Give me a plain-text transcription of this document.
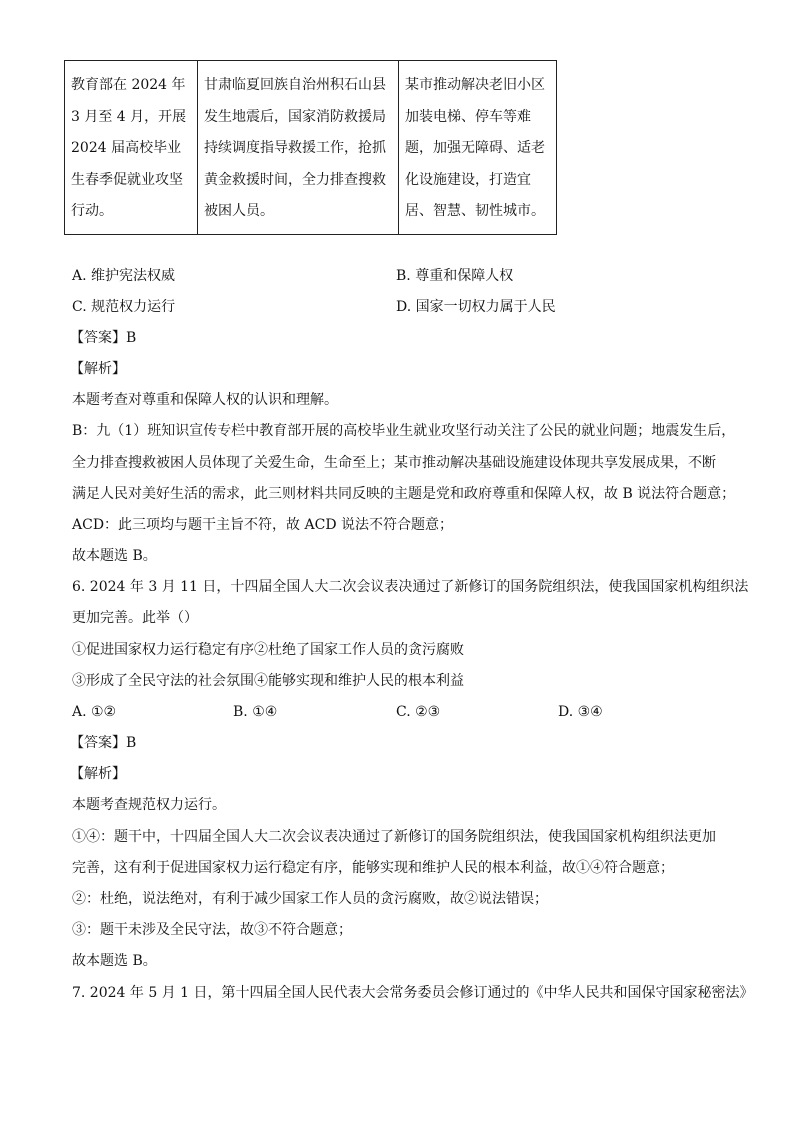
教育部在 2024 年 3 月至 4 月，开展 2024 届高校毕业生春季促就业攻坚行动。	甘肃临夏回族自治州积石山县发生地震后，国家消防救援局持续调度指导救援工作，抢抓黄金救援时间，全力排查搜救被困人员。	某市推动解决老旧小区加装电梯、停车等难题，加强无障碍、适老化设施建设，打造宜居、智慧、韧性城市。
A. 维护宪法权威	B. 尊重和保障人权
C. 规范权力运行	D. 国家一切权力属于人民
【答案】B
【解析】
本题考查对尊重和保障人权的认识和理解。
B：九（1）班知识宣传专栏中教育部开展的高校毕业生就业攻坚行动关注了公民的就业问题；地震发生后，
全力排查搜救被困人员体现了关爱生命，生命至上；某市推动解决基础设施建设体现共享发展成果，不断
满足人民对美好生活的需求，此三则材料共同反映的主题是党和政府尊重和保障人权，故 B 说法符合题意；
ACD：此三项均与题干主旨不符，故 ACD 说法不符合题意；
故本题选 B。
6. 2024 年 3 月 11 日，十四届全国人大二次会议表决通过了新修订的国务院组织法，使我国国家机构组织法
更加完善。此举（）
①促进国家权力运行稳定有序②杜绝了国家工作人员的贪污腐败
③形成了全民守法的社会氛围④能够实现和维护人民的根本利益
A. ①②	B. ①④	C. ②③	D. ③④
【答案】B
【解析】
本题考查规范权力运行。
①④：题干中，十四届全国人大二次会议表决通过了新修订的国务院组织法，使我国国家机构组织法更加
完善，这有利于促进国家权力运行稳定有序，能够实现和维护人民的根本利益，故①④符合题意；
②：杜绝，说法绝对，有利于减少国家工作人员的贪污腐败，故②说法错误；
③：题干未涉及全民守法，故③不符合题意；
故本题选 B。
7. 2024 年 5 月 1 日，第十四届全国人民代表大会常务委员会修订通过的《中华人民共和国保守国家秘密法》
